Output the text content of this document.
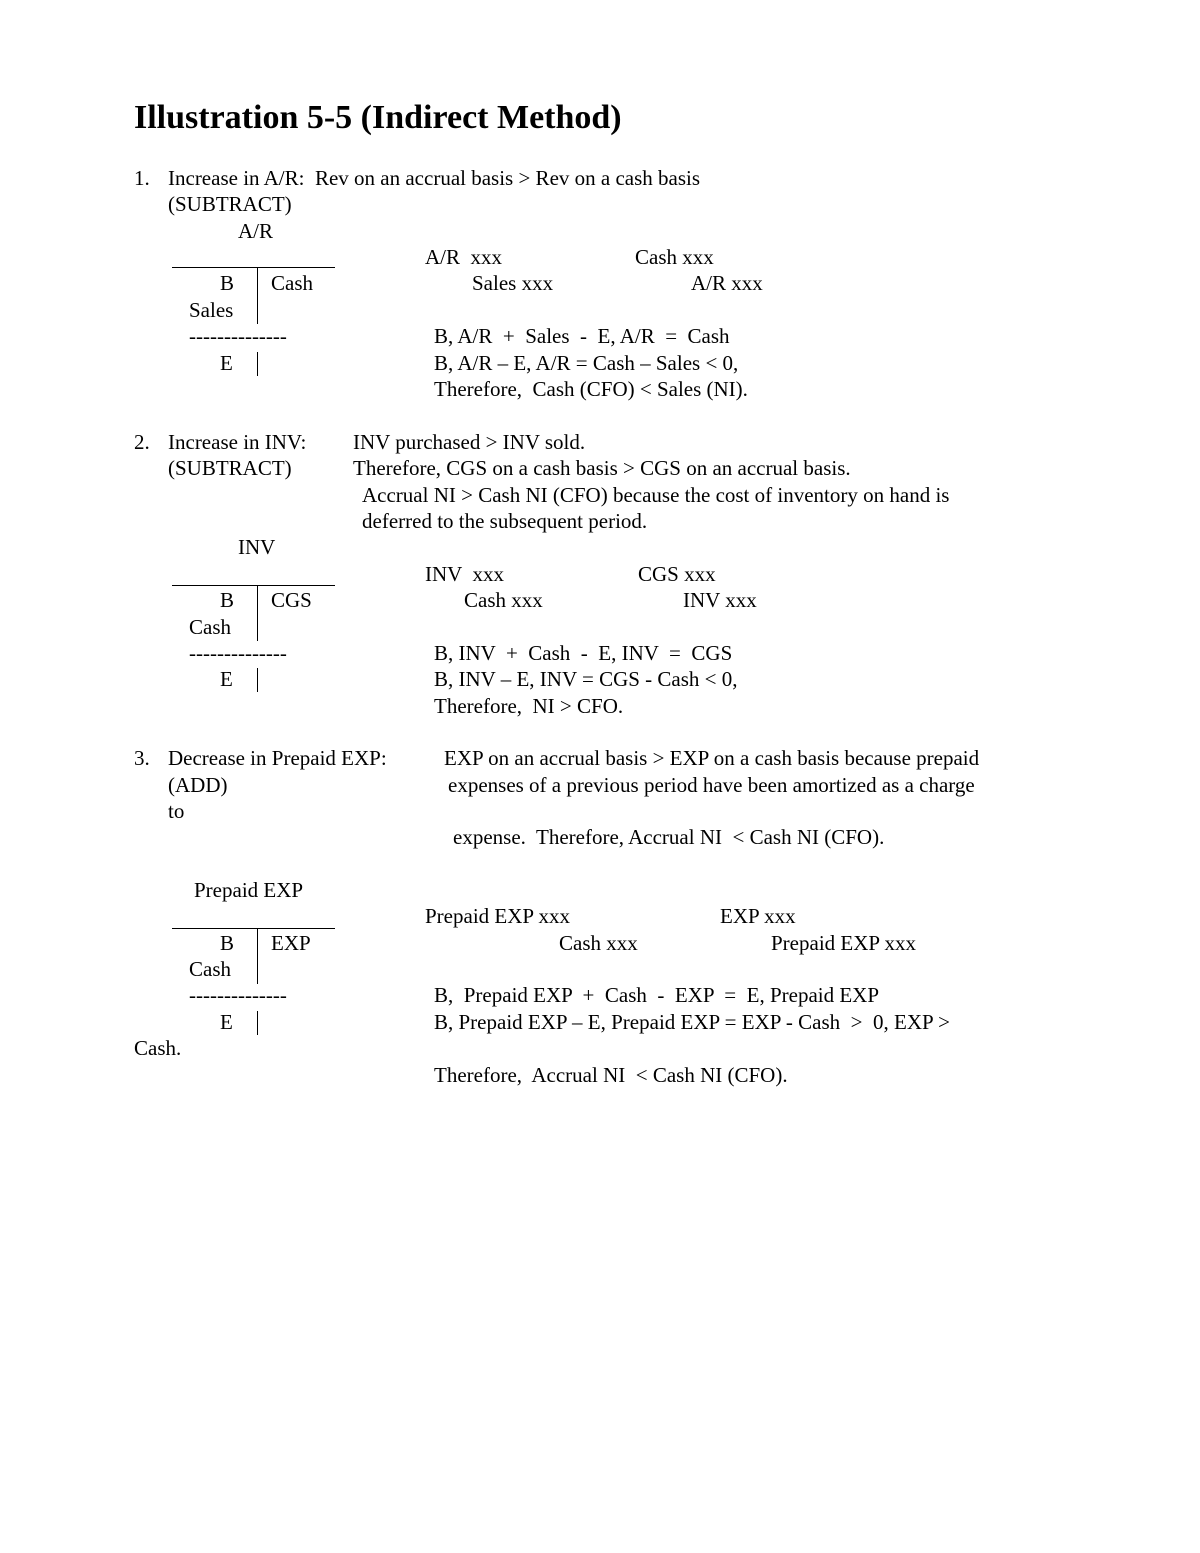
Illustration 5-5 (Indirect Method)
1. Increase in A/R:  Rev on an accrual basis > Rev on a cash basis
(SUBTRACT)
A/R
B Cash
Sales
--------------
E
A/R  xxx
Sales xxx
Cash xxx
A/R xxx
B, A/R  +  Sales  -  E, A/R  =  Cash
B, A/R – E, A/R = Cash – Sales < 0,
Therefore,  Cash (CFO) < Sales (NI).
2. Increase in INV: INV purchased > INV sold.
(SUBTRACT)	Therefore, CGS on a cash basis > CGS on an accrual basis.
Accrual NI > Cash NI (CFO) because the cost of inventory on hand is
deferred to the subsequent period.
INV
B CGS
Cash
--------------
E
INV  xxx
Cash xxx
CGS xxx
INV xxx
B, INV  +  Cash  -  E, INV  =  CGS
B, INV – E, INV = CGS - Cash < 0,
Therefore,  NI > CFO.
3. Decrease in Prepaid EXP:	EXP on an accrual basis > EXP on a cash basis because prepaid
(ADD)	expenses of a previous period have been amortized as a charge
to
expense.  Therefore, Accrual NI  < Cash NI (CFO).
Prepaid EXP
B EXP
Cash
--------------
E
Prepaid EXP xxx
Cash xxx
EXP xxx
Prepaid EXP xxx
B,  Prepaid EXP  +  Cash  -  EXP  =  E, Prepaid EXP
B, Prepaid EXP – E, Prepaid EXP = EXP - Cash  >  0, EXP >
Cash.
Therefore,  Accrual NI  < Cash NI (CFO).
